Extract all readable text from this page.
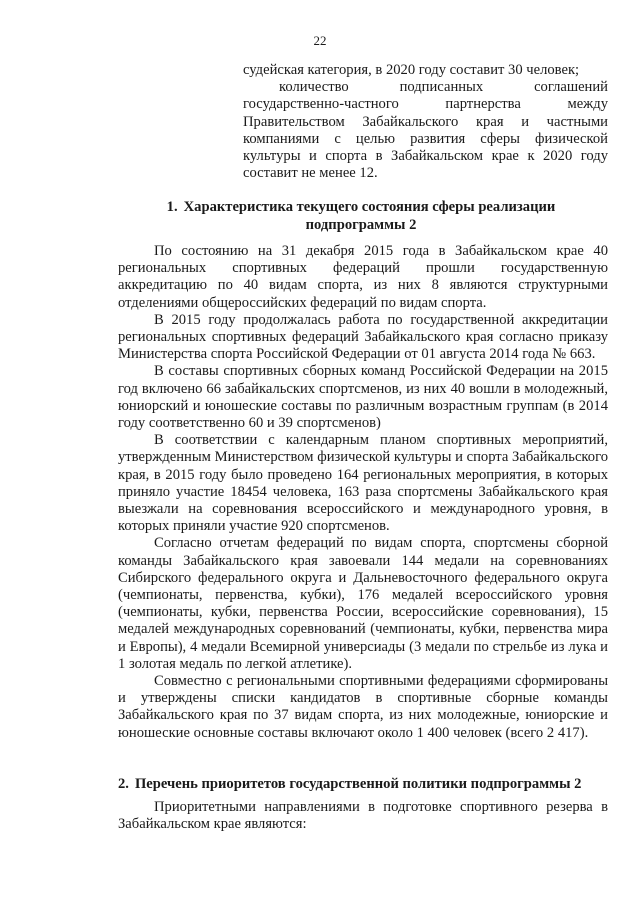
22

судейская категория, в 2020 году составит 30 человек;

количество подписанных соглашений государственно-частного партнерства между Правительством Забайкальского края и частными компаниями с целью развития сферы физической культуры и спорта в Забайкальском крае к 2020 году составит не менее 12.

1. Характеристика текущего состояния сферы реализации подпрограммы 2

По состоянию на 31 декабря 2015 года в Забайкальском крае 40 региональных спортивных федераций прошли государственную аккредитацию по 40 видам спорта, из них 8 являются структурными отделениями общероссийских федераций по видам спорта.

В 2015 году продолжалась работа по государственной аккредитации региональных спортивных федераций Забайкальского края согласно приказу Министерства спорта Российской Федерации от 01 августа 2014 года № 663.

В составы спортивных сборных команд Российской Федерации на 2015 год включено 66 забайкальских спортсменов, из них 40 вошли в молодежный, юниорский и юношеские составы по различным возрастным группам (в 2014 году соответственно 60 и 39 спортсменов)

В соответствии с календарным планом спортивных мероприятий, утвержденным Министерством физической культуры и спорта Забайкальского края, в 2015 году было проведено 164 региональных мероприятия, в которых приняло участие 18454 человека, 163 раза спортсмены Забайкальского края выезжали на соревнования всероссийского и международного уровня, в которых приняли участие 920 спортсменов.

Согласно отчетам федераций по видам спорта, спортсмены сборной команды Забайкальского края завоевали 144 медали на соревнованиях Сибирского федерального округа и Дальневосточного федерального округа (чемпионаты, первенства, кубки), 176 медалей всероссийского уровня (чемпионаты, кубки, первенства России, всероссийские соревнования), 15 медалей международных соревнований (чемпионаты, кубки, первенства мира и Европы), 4 медали Всемирной универсиады (3 медали по стрельбе из лука и 1 золотая медаль по легкой атлетике).

Совместно с региональными спортивными федерациями сформированы и утверждены списки кандидатов в спортивные сборные команды Забайкальского края по 37 видам спорта, из них молодежные, юниорские и юношеские основные составы включают около 1 400 человек (всего 2 417).

2. Перечень приоритетов государственной политики подпрограммы 2

Приоритетными направлениями в подготовке спортивного резерва в Забайкальском крае являются:
